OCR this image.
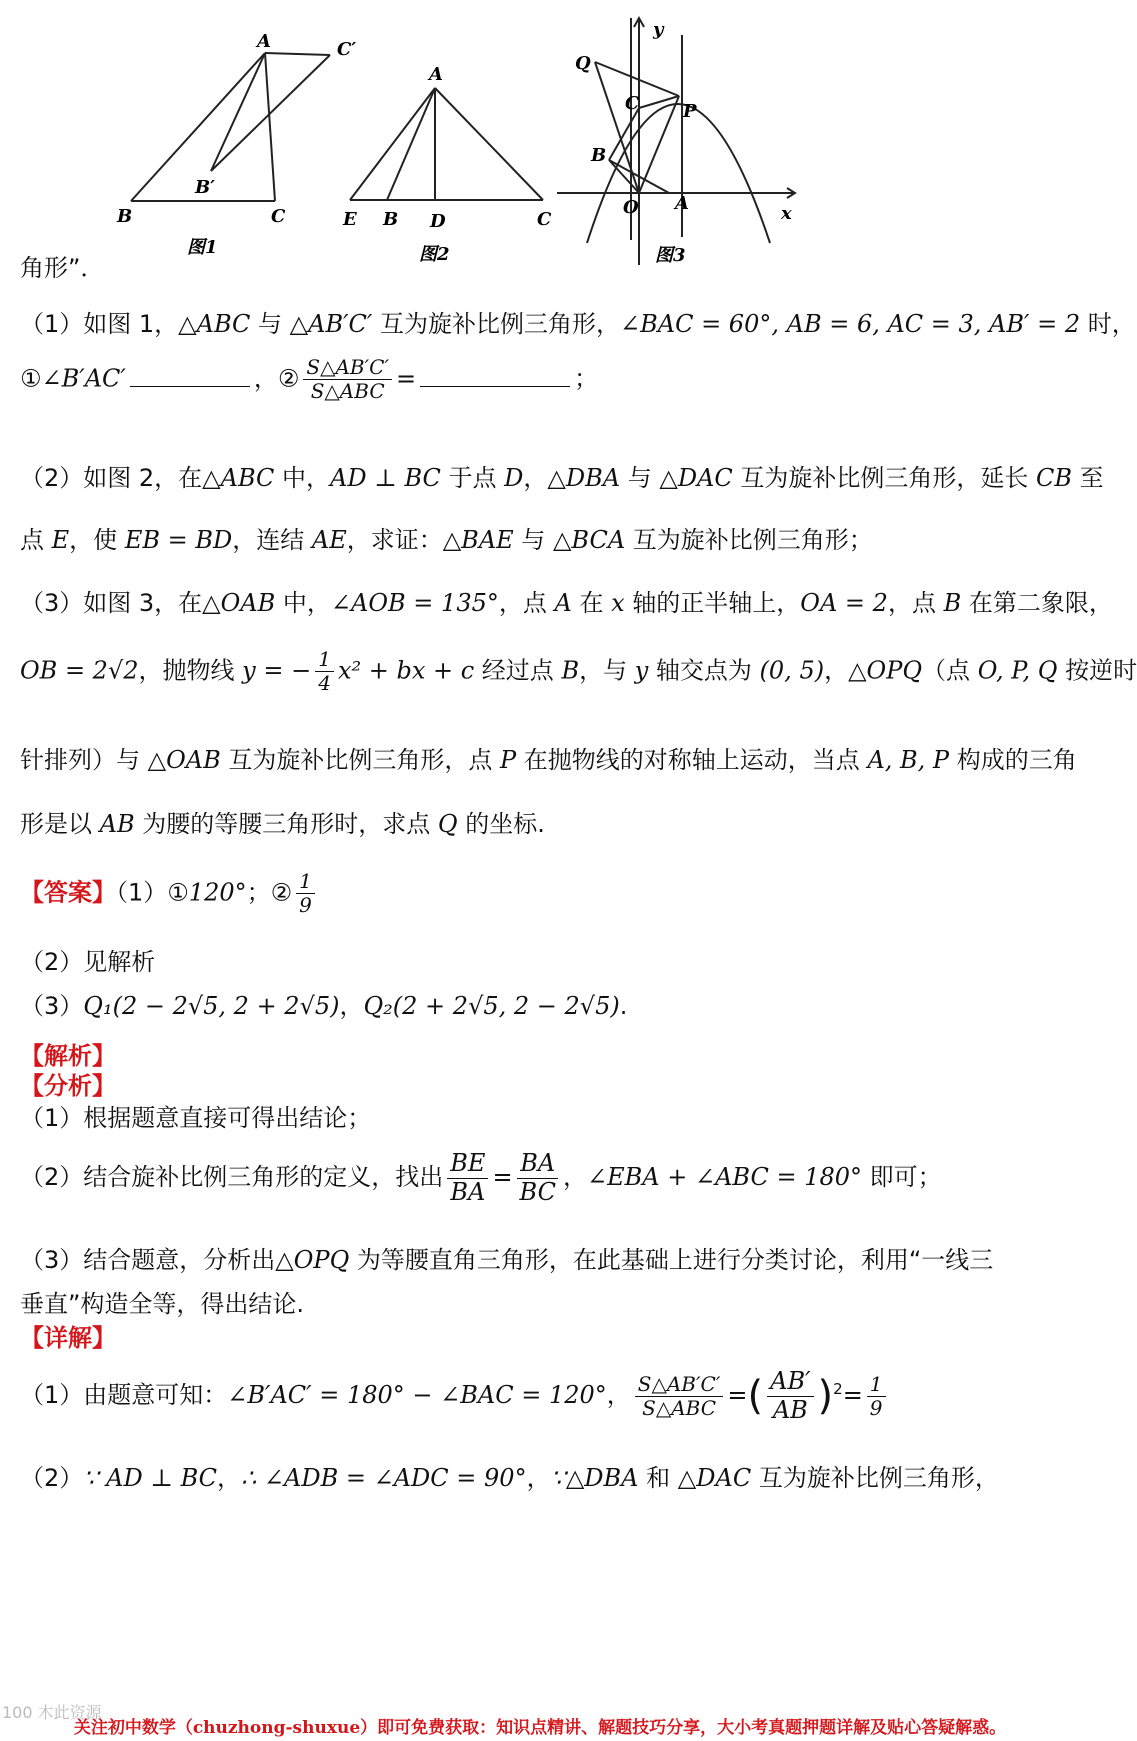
A	C′
B′
B	C
图1
A
E B D	C
图2
y
Q
C P
B
O A	x
图3
角形”．
（1）如图 1，△ABC 与 △AB′C′ 互为旋补比例三角形，∠BAC = 60°, AB = 6, AC = 3, AB′ = 2 时，
①∠B′AC′	，② $\frac{S\triangle AB'C'}{\text{S△ABC}}$ =	；
（2）如图 2，在△ABC 中，AD ⊥ BC 于点 D，△DBA 与 △DAC 互为旋补比例三角形，延长 CB 至
点 E，使 EB = BD，连结 AE，求证：△BAE 与 △BCA 互为旋补比例三角形；
（3）如图 3，在△OAB 中，∠AOB = 135°，点 A 在 x 轴的正半轴上，OA = 2，点 B 在第二象限，
OB = 2√2，抛物线 y = − $\frac{1}{4} x^2$ + bx + c 经过点 B，与 y 轴交点为 (0, 5)，△OPQ（点 O, P, Q 按逆时
针排列）与 △OAB 互为旋补比例三角形，点 P 在抛物线的对称轴上运动，当点 A, B, P 构成的三角
形是以 AB 为腰的等腰三角形时，求点 Q 的坐标.
【答案】（1）①120°；② $\frac{1}{9}$
（2）见解析
（3）Q₁(2 − 2√5, 2 + 2√5)，Q₂(2 + 2√5, 2 − 2√5).
【解析】
【分析】
（1）根据题意直接可得出结论；
（2）结合旋补比例三角形的定义，找出 $\frac{BE}{BA} = \frac{BA}{BC}$ ，∠EBA + ∠ABC = 180° 即可；
（3）结合题意，分析出△OPQ 为等腰直角三角形，在此基础上进行分类讨论，利用“一线三
垂直”构造全等，得出结论.
【详解】
（1）由题意可知：∠B′AC′ = 180° − ∠BAC = 120°， $\frac{S\triangle AB'C'}{\text{S△ABC}}$ =( $\frac{AB'}{AB} )^2= \frac{1}{9}$
（2）∵ AD ⊥ BC，∴ ∠ADB = ∠ADC = 90°，∵△DBA 和 △DAC 互为旋补比例三角形，
100 木此资源
关注初中数学（chuzhong-shuxue）即可免费获取：知识点精讲、解题技巧分享，大小考真题押题详解及贴心答疑解惑。
